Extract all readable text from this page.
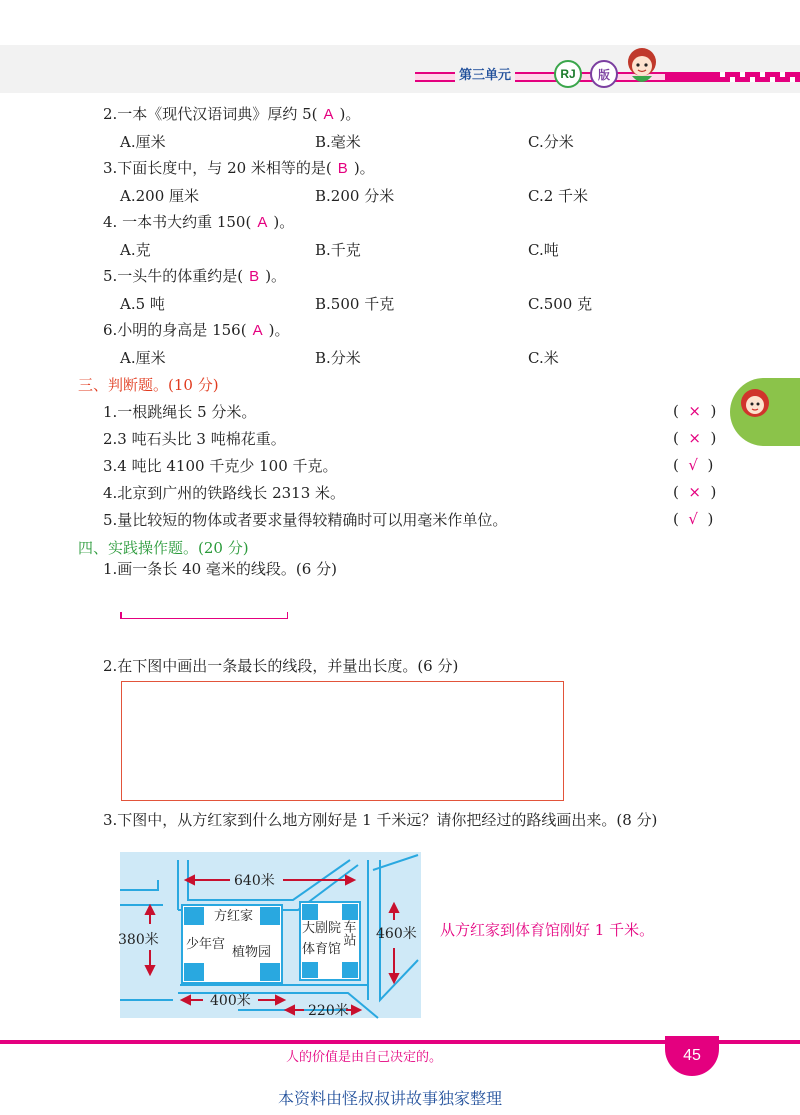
第三单元	RJ	版
2.一本《现代汉语词典》厚约 5( A )。
A.厘米	B.毫米	C.分米
3.下面长度中，与 20 米相等的是( B )。
A.200 厘米	B.200 分米	C.2 千米
4. 一本书大约重 150( A )。
A.克	B.千克	C.吨
5.一头牛的体重约是( B )。
A.5 吨	B.500 千克	C.500 克
6.小明的身高是 156( A )。
A.厘米	B.分米	C.米
三、判断题。(10 分)
1.一根跳绳长 5 分米。	(  ×  )
2.3 吨石头比 3 吨棉花重。	(  ×  )
3.4 吨比 4100 千克少 100 千克。	(  √  )
4.北京到广州的铁路线长 2313 米。	(  ×  )
5.量比较短的物体或者要求量得较精确时可以用毫米作单位。	(  √  )
四、实践操作题。(20 分)
1.画一条长 40 毫米的线段。(6 分)
2.在下图中画出一条最长的线段，并量出长度。(6 分)
3.下图中，从方红家到什么地方刚好是 1 千米远？请你把经过的路线画出来。(8 分)
640米
380米	460米
400米
220米
方红家
少年宫
植物园
大剧院
体育馆
车站	从方红家到体育馆刚好 1 千米。
人的价值是由自己决定的。	45
本资料由怪叔叔讲故事独家整理
